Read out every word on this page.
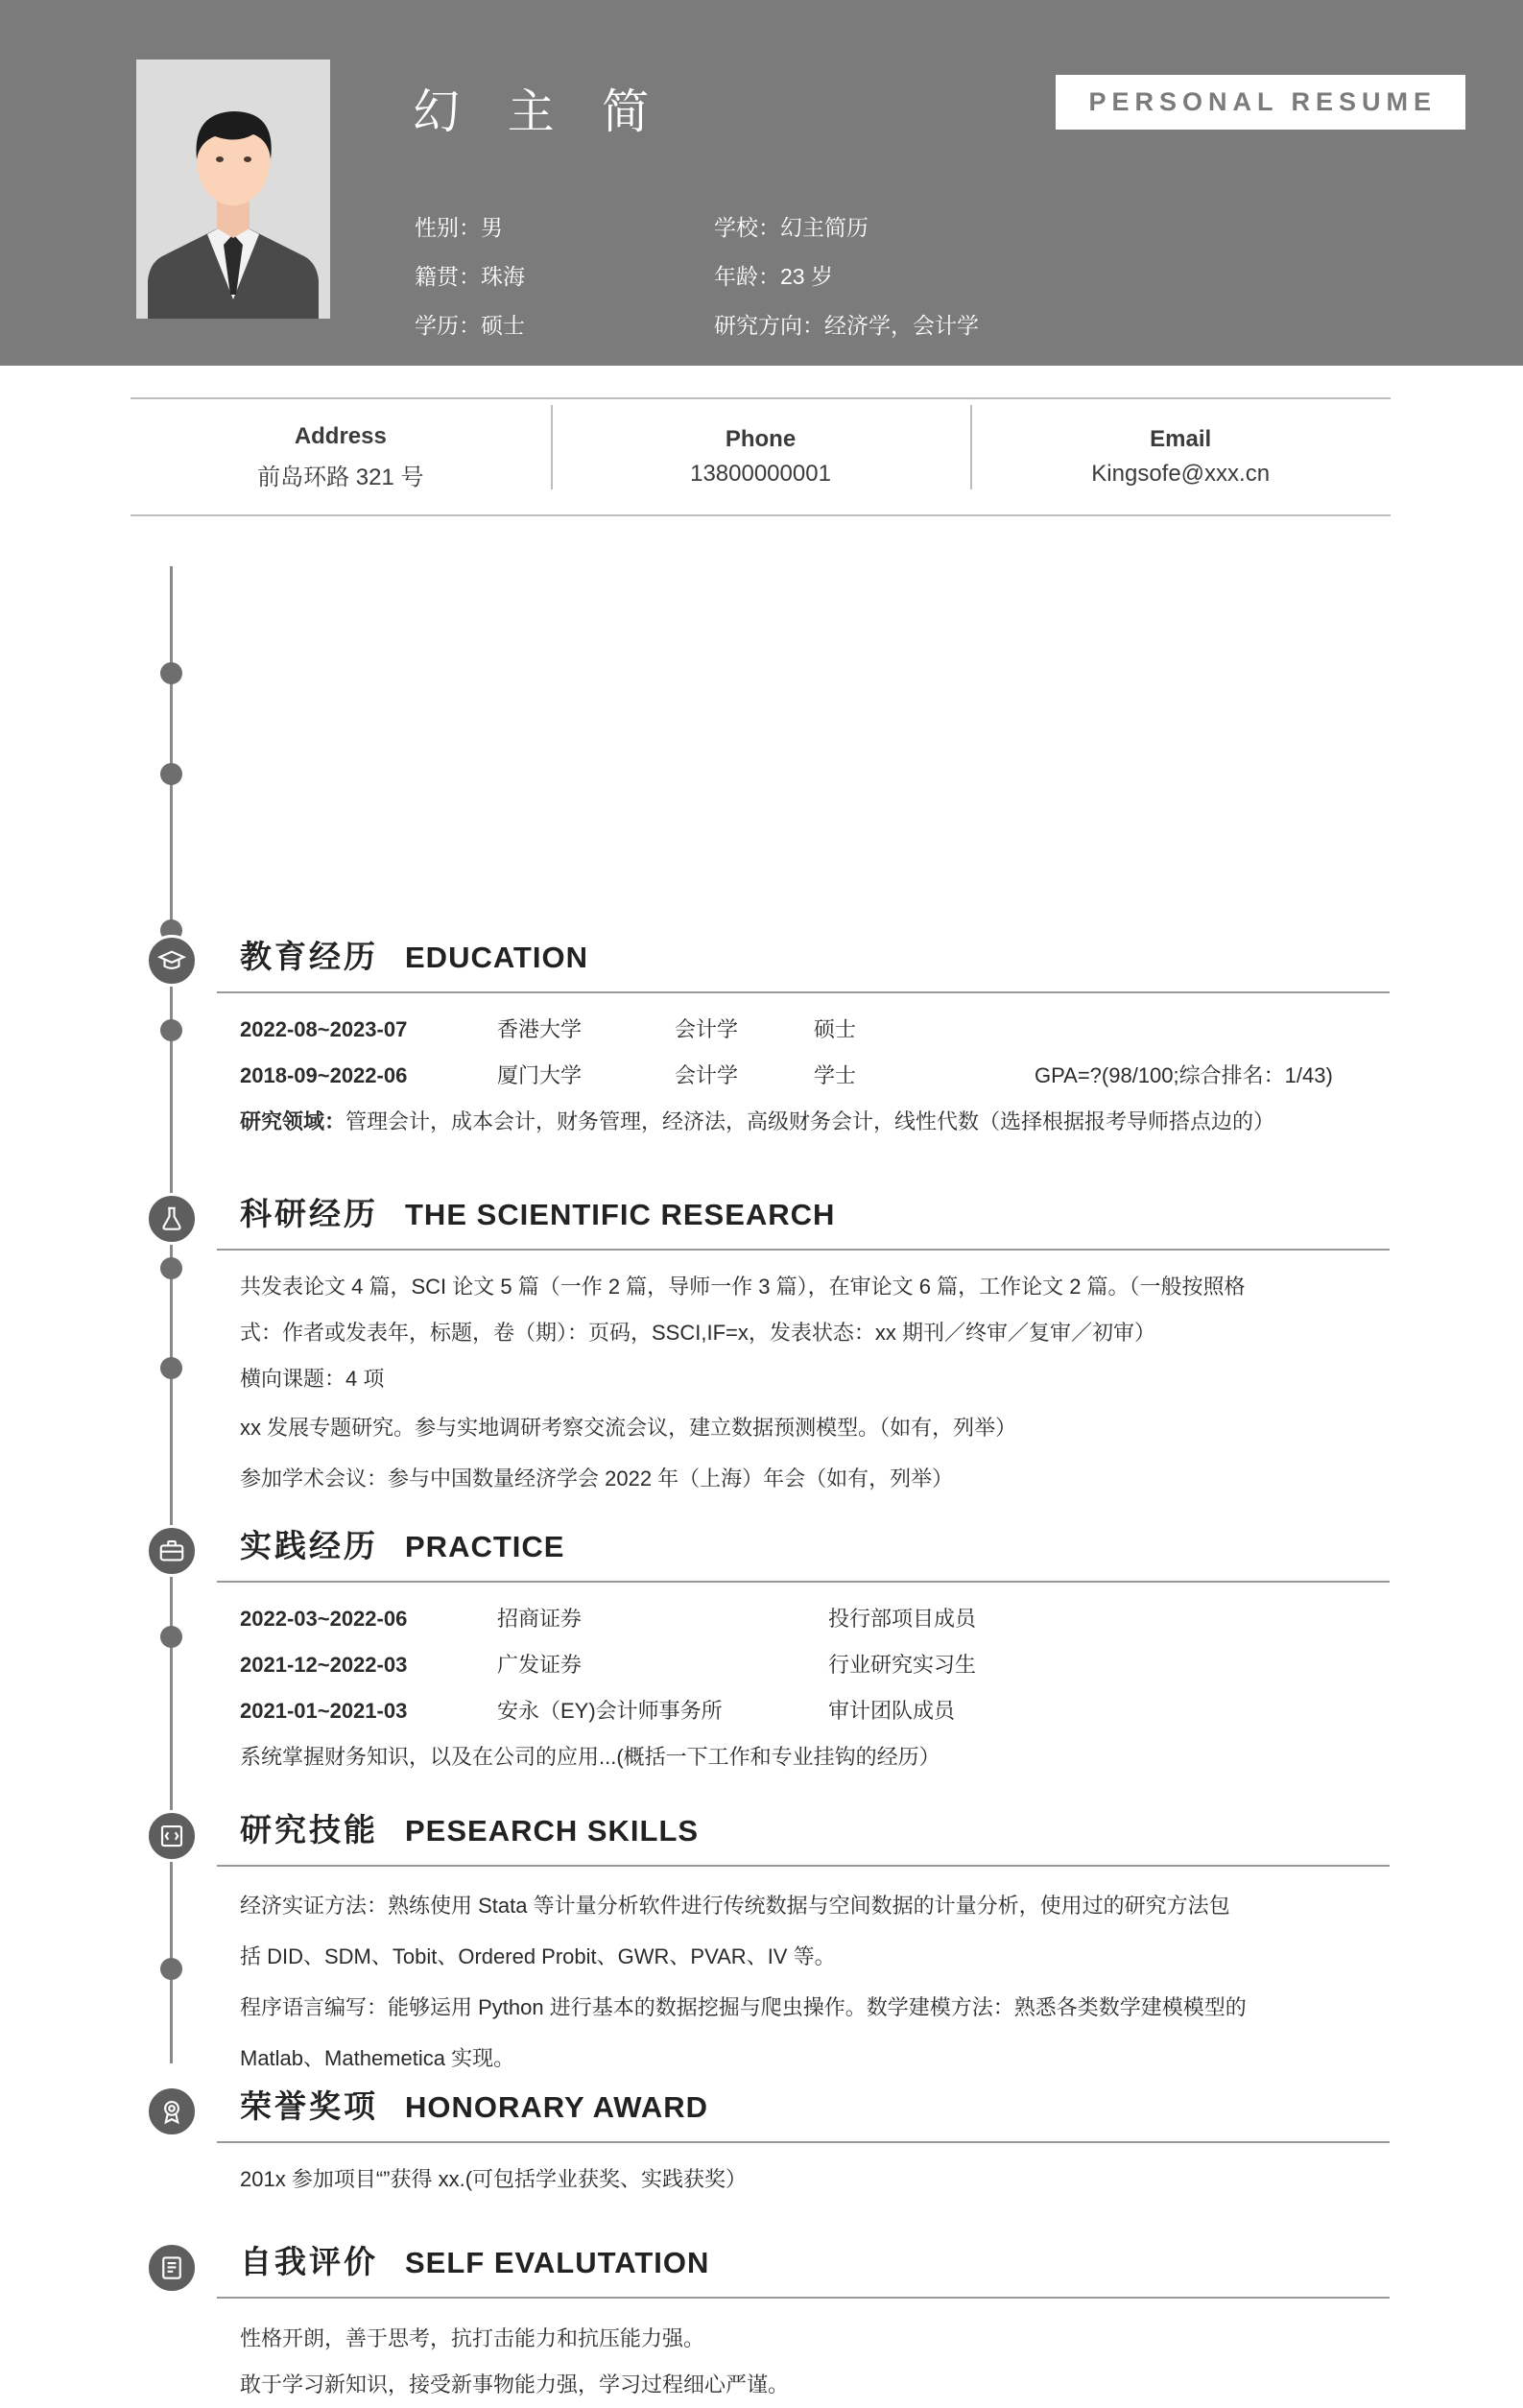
幻 主 简	PERSONAL RESUME
性别：男	学校：幻主简历
籍贯：珠海	年龄：23 岁
学历：硕士	研究方向：经济学，会计学
Address
前岛环路 321 号
Phone
13800000001
Email
Kingsofe@xxx.cn
教育经历 EDUCATION
2022-08~2023-07	香港大学	会计学	硕士
2018-09~2022-06	厦门大学	会计学	学士	GPA=?(98/100;综合排名：1/43)
研究领域： 管理会计，成本会计，财务管理，经济法，高级财务会计，线性代数（选择根据报考导师搭点边的）
科研经历 THE SCIENTIFIC RESEARCH
共发表论文 4 篇，SCI 论文 5 篇（一作 2 篇，导师一作 3 篇），在审论文 6 篇，工作论文 2 篇。（一般按照格
式：作者或发表年，标题，卷（期）：页码，SSCI,IF=x，发表状态：xx 期刊／终审／复审／初审）
横向课题：4 项
xx 发展专题研究。参与实地调研考察交流会议，建立数据预测模型。（如有，列举）
参加学术会议：参与中国数量经济学会 2022 年（上海）年会（如有，列举）
实践经历 PRACTICE
2022-03~2022-06	招商证券	投行部项目成员
2021-12~2022-03	广发证券	行业研究实习生
2021-01~2021-03	安永（EY)会计师事务所	审计团队成员
系统掌握财务知识，以及在公司的应用...(概括一下工作和专业挂钩的经历）
研究技能 PESEARCH SKILLS
经济实证方法：熟练使用 Stata 等计量分析软件进行传统数据与空间数据的计量分析，使用过的研究方法包
括 DID、SDM、Tobit、Ordered Probit、GWR、PVAR、IV 等。
程序语言编写：能够运用 Python 进行基本的数据挖掘与爬虫操作。数学建模方法：熟悉各类数学建模模型的
Matlab、Mathemetica 实现。
荣誉奖项 HONORARY AWARD
201x 参加项目“”获得 xx.(可包括学业获奖、实践获奖）
自我评价 SELF EVALUTATION
性格开朗，善于思考，抗打击能力和抗压能力强。
敢于学习新知识，接受新事物能力强，学习过程细心严谨。
